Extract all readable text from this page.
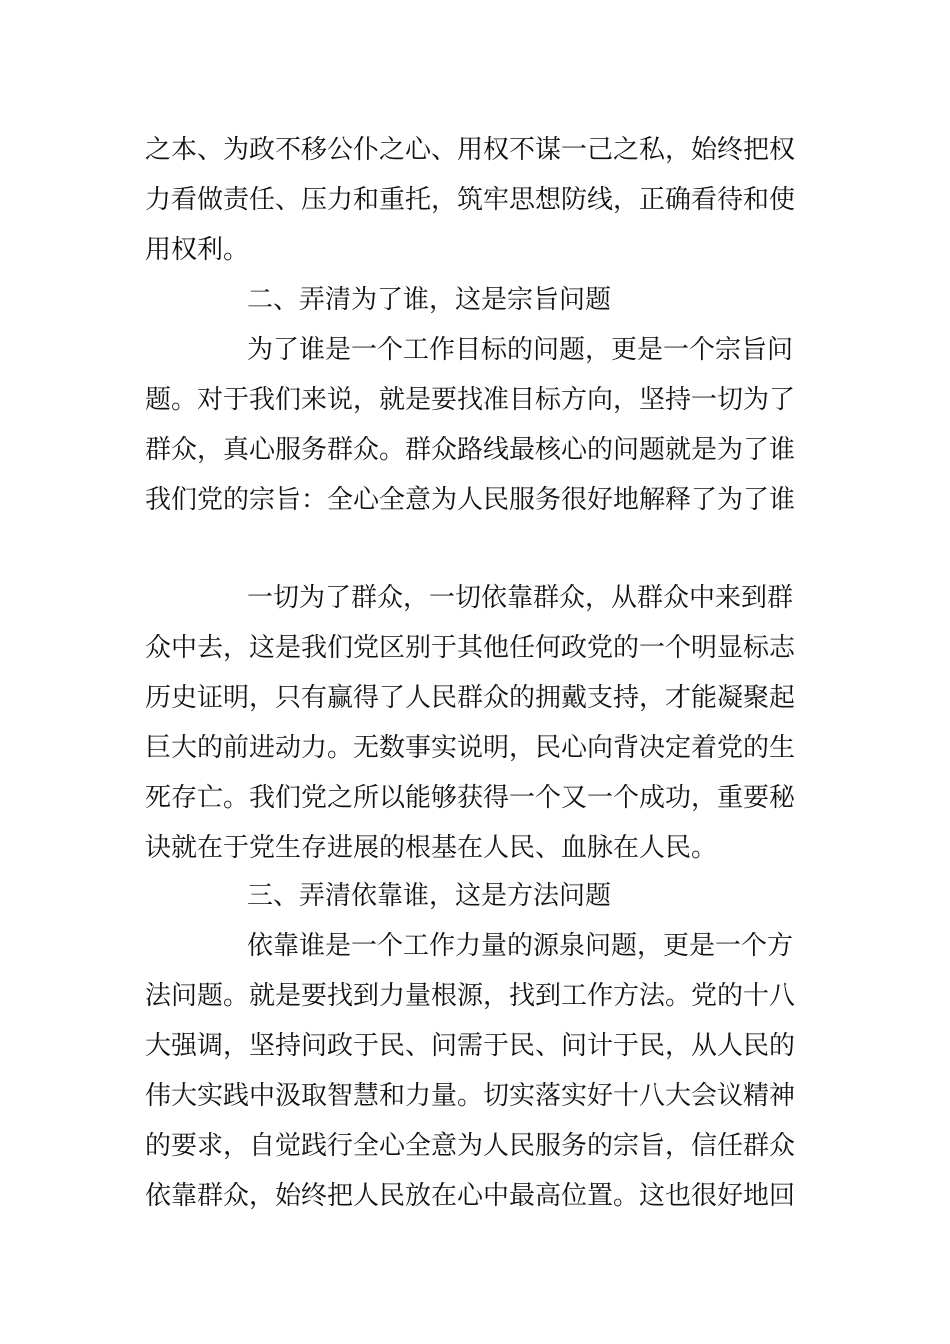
之本、为政不移公仆之心、用权不谋一己之私，始终把权
力看做责任、压力和重托，筑牢思想防线，正确看待和使
用权利。
二、弄清为了谁，这是宗旨问题
为了谁是一个工作目标的问题，更是一个宗旨问
题。对于我们来说，就是要找准目标方向，坚持一切为了
群众，真心服务群众。群众路线最核心的问题就是为了谁
我们党的宗旨：全心全意为人民服务很好地解释了为了谁
一切为了群众，一切依靠群众，从群众中来到群
众中去，这是我们党区别于其他任何政党的一个明显标志
历史证明，只有赢得了人民群众的拥戴支持，才能凝聚起
巨大的前进动力。无数事实说明，民心向背决定着党的生
死存亡。我们党之所以能够获得一个又一个成功，重要秘
诀就在于党生存进展的根基在人民、血脉在人民。
三、弄清依靠谁，这是方法问题
依靠谁是一个工作力量的源泉问题，更是一个方
法问题。就是要找到力量根源，找到工作方法。党的十八
大强调，坚持问政于民、问需于民、问计于民，从人民的
伟大实践中汲取智慧和力量。切实落实好十八大会议精神
的要求，自觉践行全心全意为人民服务的宗旨，信任群众
依靠群众，始终把人民放在心中最高位置。这也很好地回
